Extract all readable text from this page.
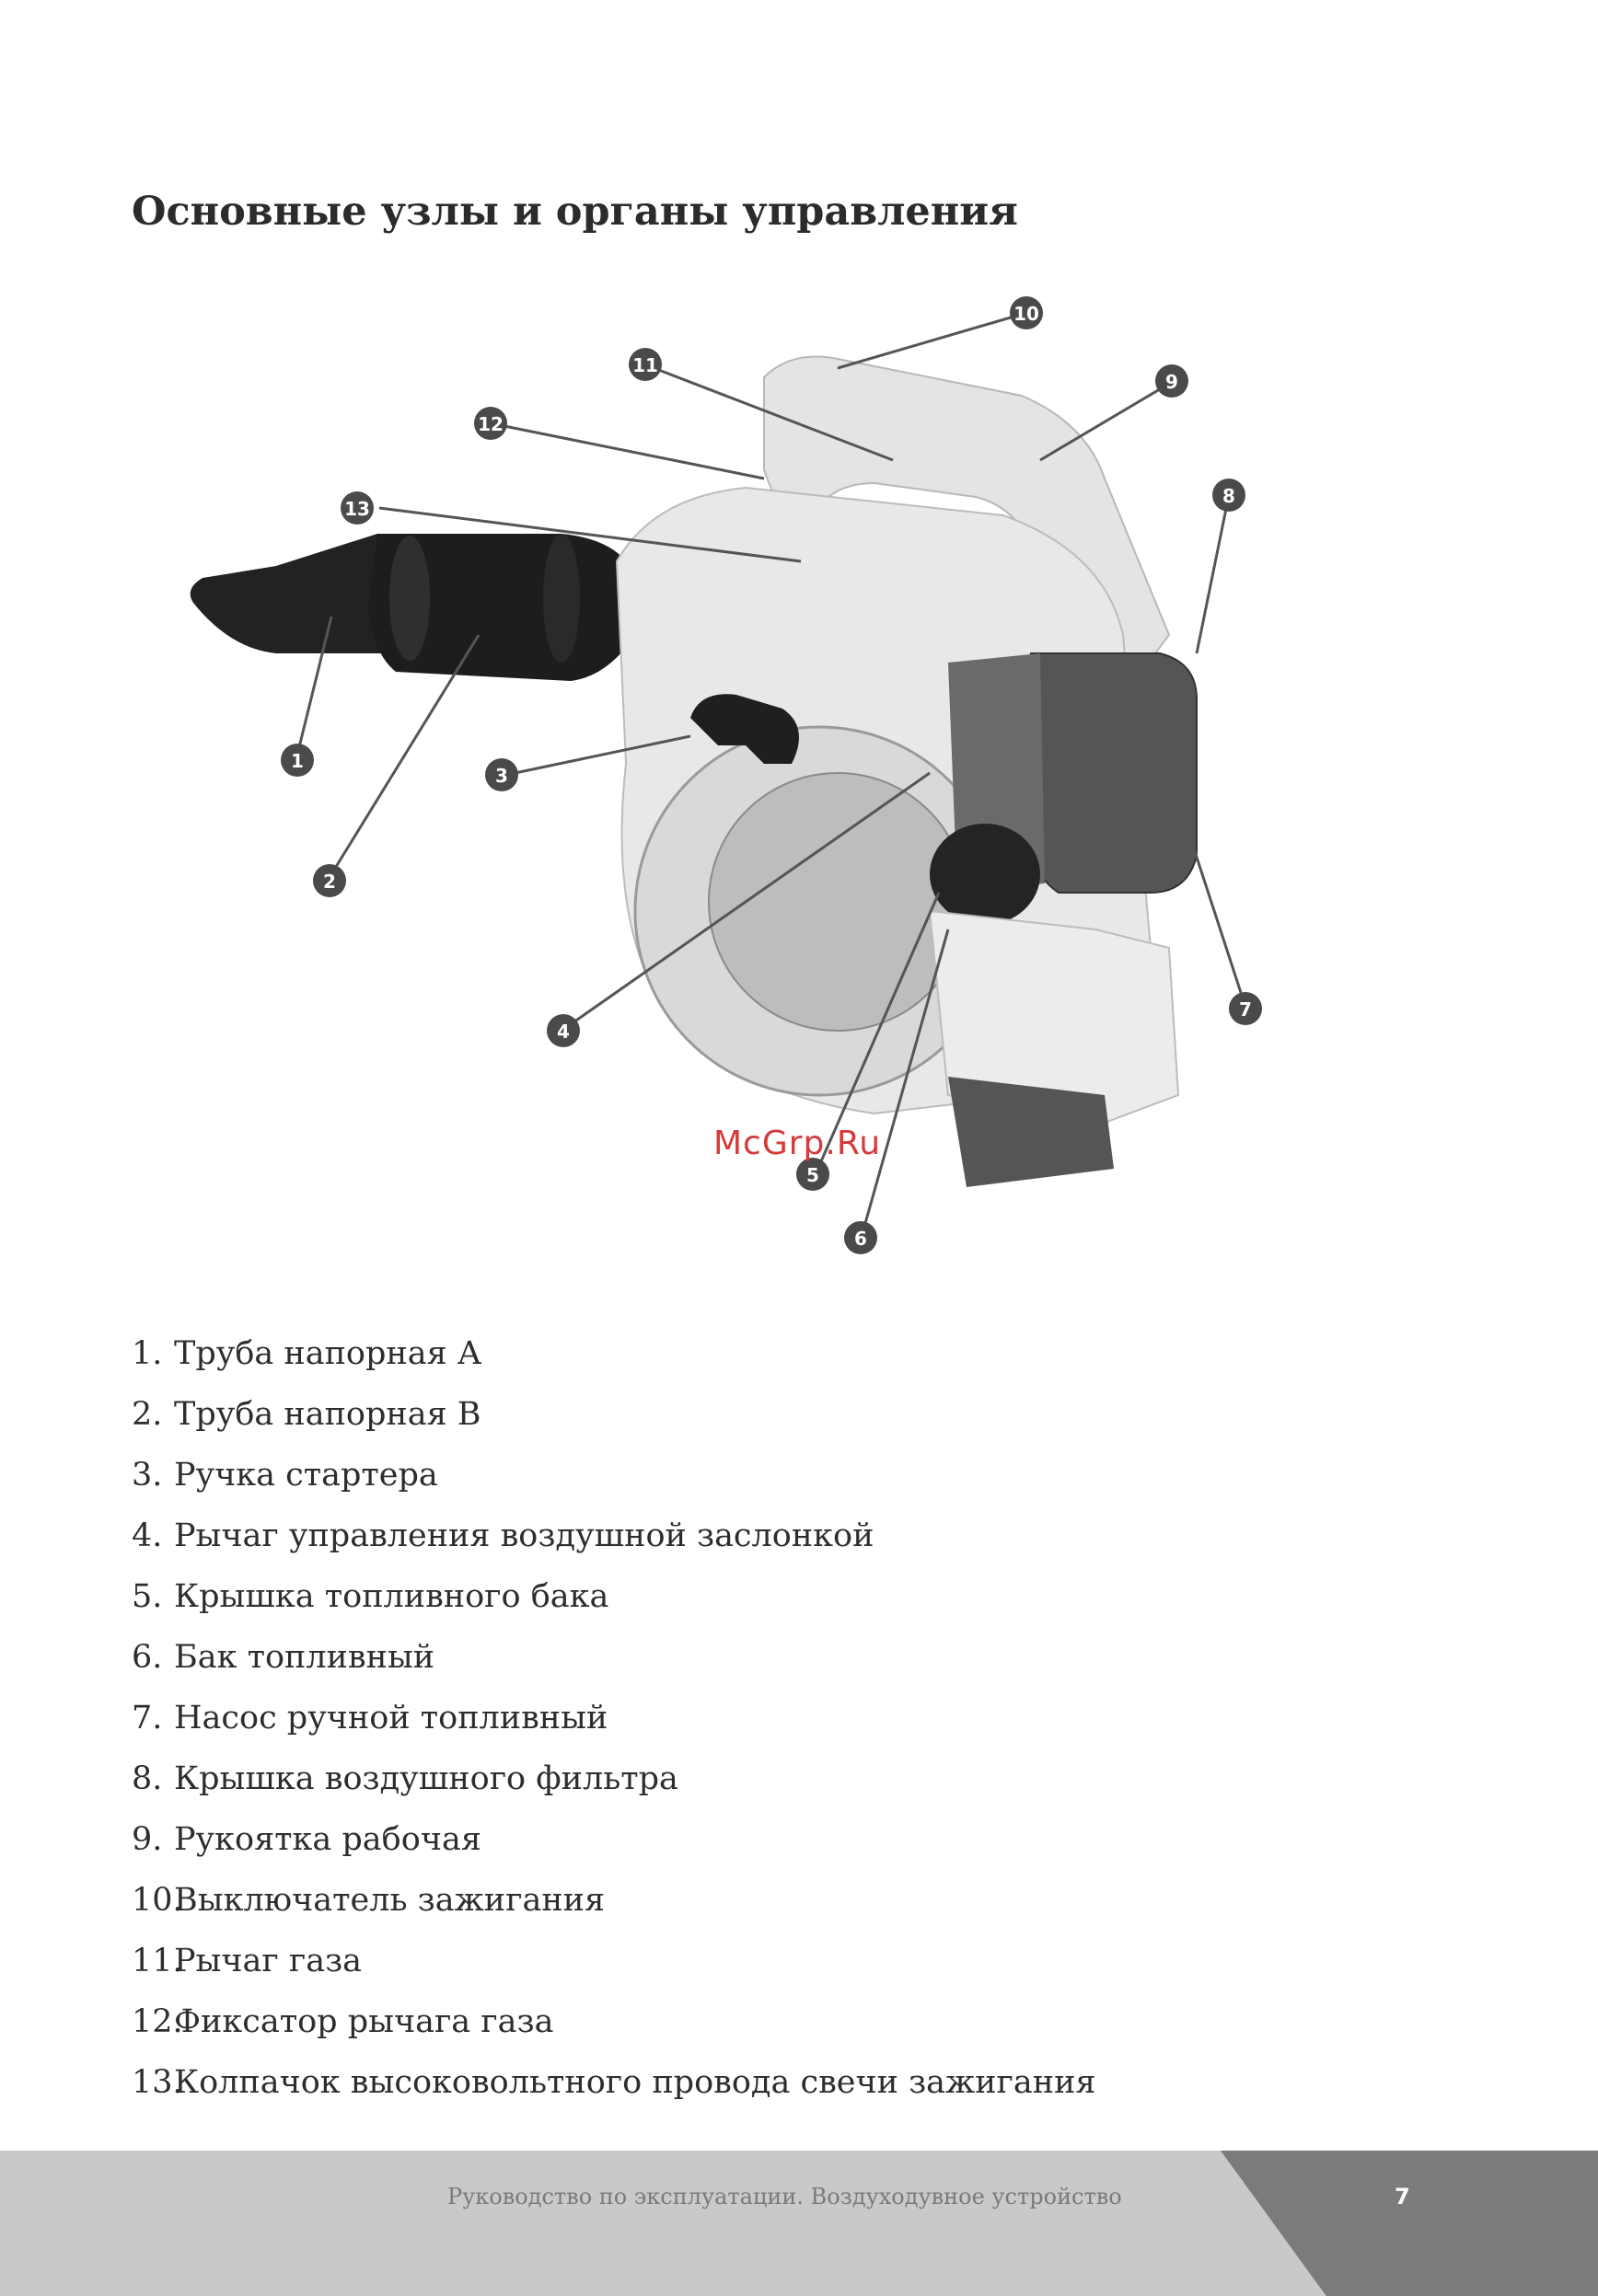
Основные узлы и органы управления
1
2
3
4
5
6
7
8
9
10
11
12
13
McGrp.Ru
1. Труба напорная А
2. Труба напорная В
3. Ручка стартера
4. Рычаг управления воздушной заслонкой
5. Крышка топливного бака
6. Бак топливный
7. Насос ручной топливный
8. Крышка воздушного фильтра
9. Рукоятка рабочая
10.Выключатель зажигания
11.Рычаг газа
12.Фиксатор рычага газа
13.Колпачок высоковольтного провода свечи зажигания
Руководство по эксплуатации. Воздуходувное устройство	7
